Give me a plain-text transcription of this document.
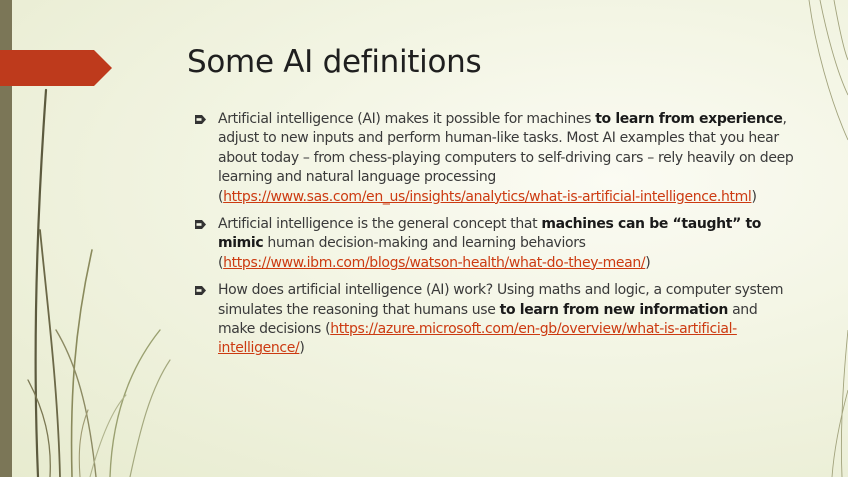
Some AI definitions
Artificial intelligence (AI) makes it possible for machines to learn from experience, adjust to new inputs and perform human-like tasks. Most AI examples that you hear about today – from chess-playing computers to self-driving cars – rely heavily on deep learning and natural language processing (https://www.sas.com/en_us/insights/analytics/what-is-artificial-intelligence.html)
Artificial intelligence is the general concept that machines can be “taught” to mimic human decision-making and learning behaviors (https://www.ibm.com/blogs/watson-health/what-do-they-mean/)
How does artificial intelligence (AI) work? Using maths and logic, a computer system simulates the reasoning that humans use to learn from new information and make decisions (https://azure.microsoft.com/en-gb/overview/what-is-artificial-intelligence/)
